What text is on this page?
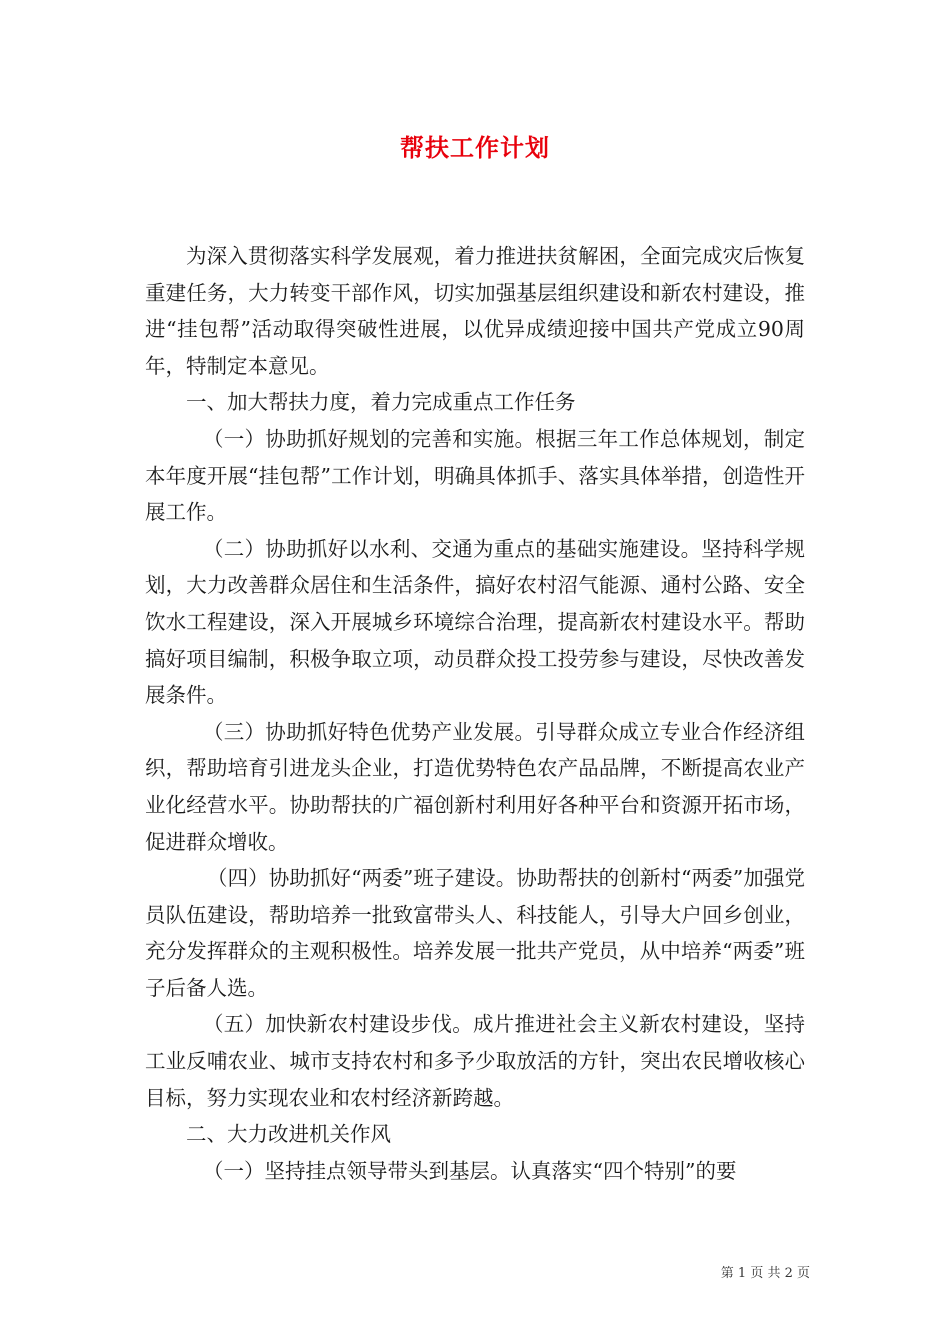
帮扶工作计划

为深入贯彻落实科学发展观，着力推进扶贫解困，全面完成灾后恢复重建任务，大力转变干部作风，切实加强基层组织建设和新农村建设，推进“挂包帮”活动取得突破性进展，以优异成绩迎接中国共产党成立90周年，特制定本意见。

一、加大帮扶力度，着力完成重点工作任务

（一）协助抓好规划的完善和实施。根据三年工作总体规划，制定本年度开展“挂包帮”工作计划，明确具体抓手、落实具体举措，创造性开展工作。

（二）协助抓好以水利、交通为重点的基础实施建设。坚持科学规划，大力改善群众居住和生活条件，搞好农村沼气能源、通村公路、安全饮水工程建设，深入开展城乡环境综合治理，提高新农村建设水平。帮助搞好项目编制，积极争取立项，动员群众投工投劳参与建设，尽快改善发展条件。

（三）协助抓好特色优势产业发展。引导群众成立专业合作经济组织，帮助培育引进龙头企业，打造优势特色农产品品牌，不断提高农业产业化经营水平。协助帮扶的广福创新村利用好各种平台和资源开拓市场，促进群众增收。

（四）协助抓好“两委”班子建设。协助帮扶的创新村“两委”加强党员队伍建设，帮助培养一批致富带头人、科技能人，引导大户回乡创业，充分发挥群众的主观积极性。培养发展一批共产党员，从中培养“两委”班子后备人选。

（五）加快新农村建设步伐。成片推进社会主义新农村建设，坚持工业反哺农业、城市支持农村和多予少取放活的方针，突出农民增收核心目标，努力实现农业和农村经济新跨越。

二、大力改进机关作风

（一）坚持挂点领导带头到基层。认真落实“四个特别”的要

第 1 页 共 2 页
